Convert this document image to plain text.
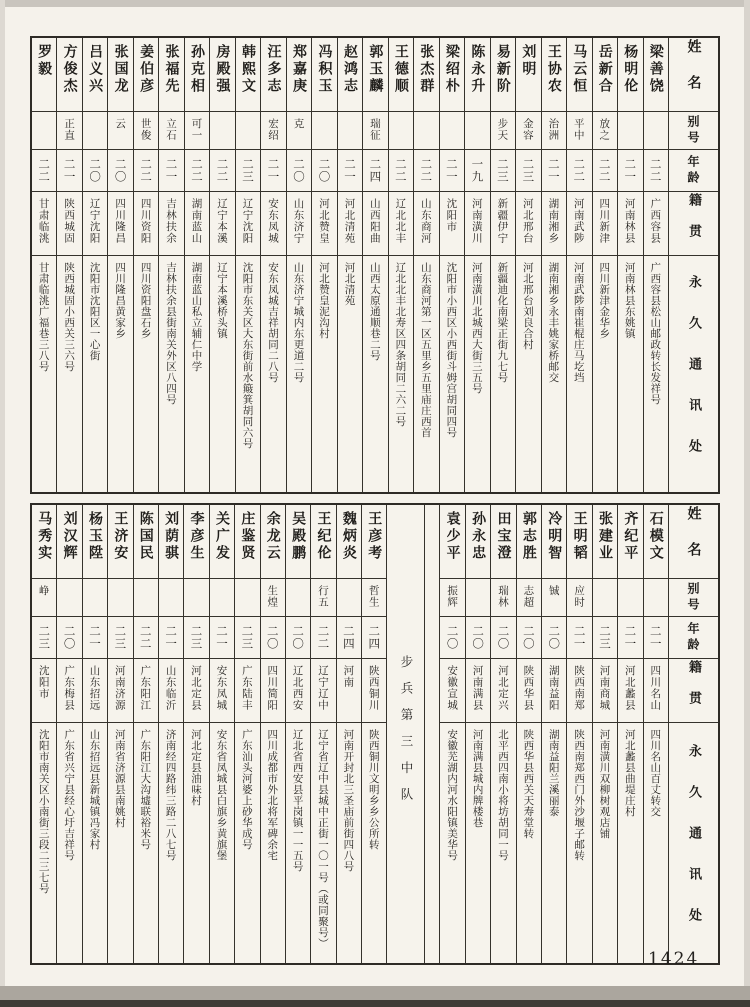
姓名
别号
年龄
籍贯
永久通讯处
梁善饶
二二
广西容县
广西容县松山邮政转长发祥号
杨明伦
二一
河南林县
河南林县东姚镇
岳新合
放之
二二
四川新津
四川新津金华乡
马云恒
平中
二二
河南武陟
河南武陟南崔棍庄马圪垱
王协农
治洲
二一
湖南湘乡
湖南湘乡永丰姚家桥邮交
刘明
金容
二三
河北邢台
河北邢台刘良合村
易新阶
步天
二三
新疆伊宁
新疆迪化南梁正街九七号
陈永升
一九
河南潢川
河南潢川北城西大街三五号
梁绍朴
二一
沈阳市
沈阳市小西区小西街斗姆宫胡同四号
张杰群
二二
山东商河
山东商河第一区五里乡五里庙庄西首
王德顺
二二
辽北北丰
辽北北丰北寿区四条胡同二六二号
郭玉麟
瑞征
二四
山西阳曲
山西太原通顺巷二号
赵鸿志
二一
河北清苑
河北清苑
冯积玉
二〇
河北赞皇
河北赞皇泥沟村
郑嘉庚
克
二〇
山东济宁
山东济宁城内东更道二号
汪多志
宏绍
二一
安东凤城
安东凤城吉祥胡同二八号
韩熙文
二三
辽宁沈阳
沈阳市东关区大东街前水簸箕胡同六号
房殿强
二二
辽宁本溪
辽宁本溪桥头镇
孙克相
可一
二二
湖南蓝山
湖南蓝山私立辅仁中学
张福先
立石
二一
吉林扶余
吉林扶余县街南关外区八四号
姜伯彦
世俊
二二
四川资阳
四川资阳盘石乡
张国龙
云
二〇
四川隆昌
四川隆昌黄家乡
吕义兴
二〇
辽宁沈阳
沈阳市沈阳区一心街
方俊杰
正直
二一
陕西城固
陕西城固小西关三六号
罗毅
二二
甘肃临洮
甘肃临洮广福巷三八号
姓名
别号
年龄
籍贯
永久通讯处
石模文
二一
四川名山
四川名山百丈转交
齐纪平
二一
河北蠡县
河北蠡县曲堤庄村
张建业
二三
河南商城
河南潢川双柳树观店铺
王明韬
应时
二一
陕西南郑
陕西南郑西门外沙堰子邮转
冷明智
铖
二〇
湖南益阳
湖南益阳兰溪丽泰
郭志胜
志超
二〇
陕西华县
陕西华县西关天寿堂转
田宝澄
瑞林
二〇
河北定兴
北平西四南小将坊胡同一号
孙永忠
二〇
河南满县
河南满县城内牌楼巷
袁少平
振辉
二〇
安徽宣城
安徽芜湖内河水阳镇美华号
步兵第三中队
王彦考
哲生
二四
陕西铜川
陕西铜川文明乡乡公所转
魏炳炎
二四
河南
河南开封北三圣庙前街四八号
王纪伦
行五
二二
辽宁辽中
辽宁省辽中县城中正街一〇一号（或同聚号）
吴殿鹏
二〇
辽北西安
辽北省西安县平岗镇一一五号
余龙云
生煌
二〇
四川简阳
四川成都市外北将军碑余宅
庄鉴贤
二三
广东陆丰
广东汕头河婆上砂华成号
关广发
二一
安东凤城
安东省凤城县白旗乡黄旗堡
李彦生
二三
河北定县
河北定县油味村
刘荫骐
二一
山东临沂
济南经四路纬三路二八七号
陈国民
二二
广东阳江
广东阳江大沟墟联裕米号
王济安
二三
河南济源
河南省济源县南姚村
杨玉陞
二一
山东招远
山东招远县新城镇冯家村
刘汉辉
二〇
广东梅县
广东省兴宁县经心圩吉祥号
马秀实
峥
二三
沈阳市
沈阳市南关区小南街三段二三七号
1424
